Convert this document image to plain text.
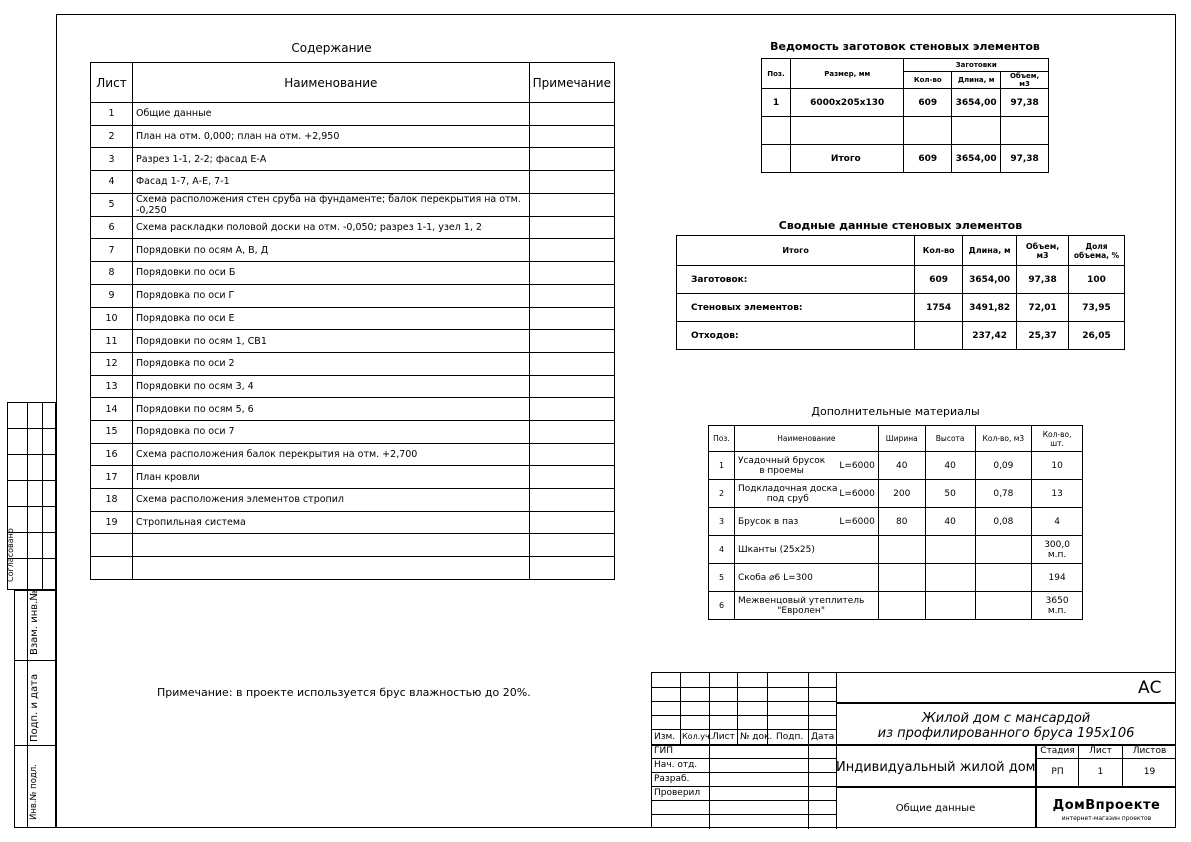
Согласовано
Взам. инв.№
Подп. и дата
Инв.№ подл.
Содержание
Лист	Наименование	Примечание
1	Общие данные	
2	План на отм. 0,000; план на отм. +2,950	
3	Разрез 1-1, 2-2; фасад Е-А	
4	Фасад 1-7, А-Е, 7-1	
5	Схема расположения стен сруба на фундаменте; балок перекрытия на отм. -0,250	
6	Схема раскладки половой доски на отм. -0,050; разрез 1-1, узел 1, 2	
7	Порядовки по осям А, В, Д	
8	Порядовки по оси Б	
9	Порядовка по оси Г	
10	Порядовка по оси Е	
11	Порядовки по осям 1, СВ1	
12	Порядовка по оси 2	
13	Порядовки по осям 3, 4	
14	Порядовки по осям 5, 6	
15	Порядовка по оси 7	
16	Схема расположения балок перекрытия на отм. +2,700	
17	План кровли	
18	Схема расположения элементов стропил	
19	Стропильная система	

Ведомость заготовок стеновых элементов
Поз.	Размер, мм	Заготовки		
		Кол-во	Длина, м	Объем, м3
1	6000х205х130	609	3654,00	97,38

	Итого	609	3654,00	97,38
Сводные данные стеновых элементов
Итого	Кол-во	Длина, м	Объем, м3	Доля объема, %
Заготовок:	609	3654,00	97,38	100
Стеновых элементов:	1754	3491,82	72,01	73,95
Отходов:		237,42	25,37	26,05
Дополнительные материалы
Поз.	Наименование	Ширина	Высота	Кол-во, м3	Кол-во, шт.
1	Усадочный брусок
в проемы L=6000	40	40	0,09	10
2	Подкладочная доска
под сруб L=6000	200	50	0,78	13
3	Брусок в паз L=6000	80	40	0,08	4
4	Шканты (25х25)				300,0 м.п.
5	Скоба ⌀6 L=300				194
6	Межвенцовый утеплитель
"Евролен"				3650 м.п.
Примечание: в проекте используется брус влажностью до 20%.
Изм. Кол.уч. Лист № док. Подп. Дата
ГИП
Нач. отд.
Разраб.
Проверил
АС
Жилой дом с мансардой
из профилированного бруса 195х106
Индивидуальный жилой дом
Общие данные
Стадия	Лист	Листов
РП	1	19
ДомВпроекте
интернет-магазин проектов
